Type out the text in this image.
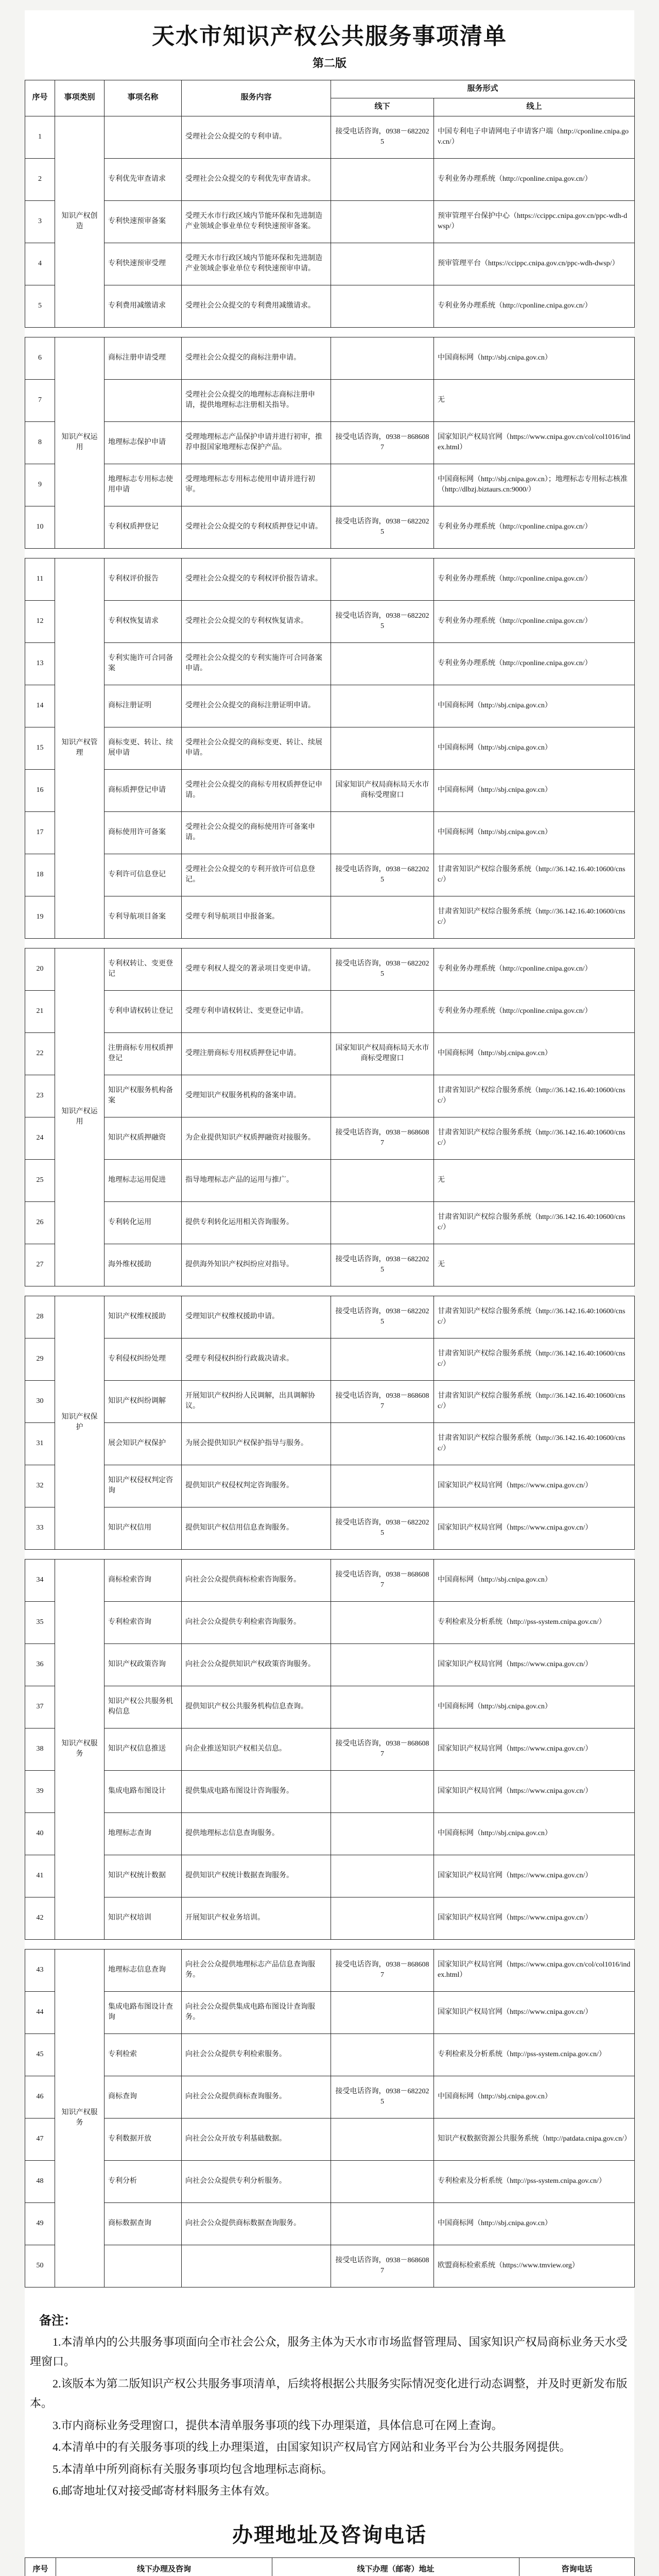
天水市知识产权公共服务事项清单
第二版
序号	事项类别	事项名称	服务内容	服务形式	
				线下	线上
1	知识产权创造		受理社会公众提交的专利申请。	接受电话咨询，0938－6822025	中国专利电子申请网电子申请客户端（http://cponline.cnipa.gov.cn/）
2		专利优先审查请求	受理社会公众提交的专利优先审查请求。		专利业务办理系统（http://cponline.cnipa.gov.cn/）
3		专利快速预审备案	受理天水市行政区域内节能环保和先进制造产业领域企事业单位专利快速预审备案。		预审管理平台保护中心（https://ccippc.cnipa.gov.cn/ppc-wdh-dwsp/）
4		专利快速预审受理	受理天水市行政区域内节能环保和先进制造产业领域企事业单位专利快速预审申请。		预审管理平台（https://ccippc.cnipa.gov.cn/ppc-wdh-dwsp/）
5		专利费用减缴请求	受理社会公众提交的专利费用减缴请求。		专利业务办理系统（http://cponline.cnipa.gov.cn/）
6	知识产权运用	商标注册申请受理	受理社会公众提交的商标注册申请。		中国商标网（http://sbj.cnipa.gov.cn）
7			受理社会公众提交的地理标志商标注册申请，提供地理标志注册相关指导。		无
8		地理标志保护申请	受理地理标志产品保护申请并进行初审，推荐申报国家地理标志保护产品。	接受电话咨询，0938－8686087	国家知识产权局官网（https://www.cnipa.gov.cn/col/col1016/index.html）
9		地理标志专用标志使用申请	受理地理标志专用标志使用申请并进行初审。		中国商标网（http://sbj.cnipa.gov.cn）；地理标志专用标志核准（http://dlbzj.biztaurs.cn:9000/）
10		专利权质押登记	受理社会公众提交的专利权质押登记申请。	接受电话咨询，0938－6822025	专利业务办理系统（http://cponline.cnipa.gov.cn/）
11	知识产权管理	专利权评价报告	受理社会公众提交的专利权评价报告请求。		专利业务办理系统（http://cponline.cnipa.gov.cn/）
12		专利权恢复请求	受理社会公众提交的专利权恢复请求。	接受电话咨询，0938－6822025	专利业务办理系统（http://cponline.cnipa.gov.cn/）
13		专利实施许可合同备案	受理社会公众提交的专利实施许可合同备案申请。		专利业务办理系统（http://cponline.cnipa.gov.cn/）
14		商标注册证明	受理社会公众提交的商标注册证明申请。		中国商标网（http://sbj.cnipa.gov.cn）
15		商标变更、转让、续展申请	受理社会公众提交的商标变更、转让、续展申请。		中国商标网（http://sbj.cnipa.gov.cn）
16		商标质押登记申请	受理社会公众提交的商标专用权质押登记申请。	国家知识产权局商标局天水市商标受理窗口	中国商标网（http://sbj.cnipa.gov.cn）
17		商标使用许可备案	受理社会公众提交的商标使用许可备案申请。		中国商标网（http://sbj.cnipa.gov.cn）
18		专利许可信息登记	受理社会公众提交的专利开放许可信息登记。	接受电话咨询，0938－6822025	甘肃省知识产权综合服务系统（http://36.142.16.40:10600/cnsc/）
19		专利导航项目备案	受理专利导航项目申报备案。		甘肃省知识产权综合服务系统（http://36.142.16.40:10600/cnsc/）
20	知识产权运用	专利权转让、变更登记	受理专利权人提交的著录项目变更申请。	接受电话咨询，0938－6822025	专利业务办理系统（http://cponline.cnipa.gov.cn/）
21		专利申请权转让登记	受理专利申请权转让、变更登记申请。		专利业务办理系统（http://cponline.cnipa.gov.cn/）
22		注册商标专用权质押登记	受理注册商标专用权质押登记申请。	国家知识产权局商标局天水市商标受理窗口	中国商标网（http://sbj.cnipa.gov.cn）
23		知识产权服务机构备案	受理知识产权服务机构的备案申请。		甘肃省知识产权综合服务系统（http://36.142.16.40:10600/cnsc/）
24		知识产权质押融资	为企业提供知识产权质押融资对接服务。	接受电话咨询，0938－8686087	甘肃省知识产权综合服务系统（http://36.142.16.40:10600/cnsc/）
25		地理标志运用促进	指导地理标志产品的运用与推广。		无
26		专利转化运用	提供专利转化运用相关咨询服务。		甘肃省知识产权综合服务系统（http://36.142.16.40:10600/cnsc/）
27		海外维权援助	提供海外知识产权纠纷应对指导。	接受电话咨询，0938－6822025	无
28	知识产权保护	知识产权维权援助	受理知识产权维权援助申请。	接受电话咨询，0938－6822025	甘肃省知识产权综合服务系统（http://36.142.16.40:10600/cnsc/）
29		专利侵权纠纷处理	受理专利侵权纠纷行政裁决请求。		甘肃省知识产权综合服务系统（http://36.142.16.40:10600/cnsc/）
30		知识产权纠纷调解	开展知识产权纠纷人民调解，出具调解协议。	接受电话咨询，0938－8686087	甘肃省知识产权综合服务系统（http://36.142.16.40:10600/cnsc/）
31		展会知识产权保护	为展会提供知识产权保护指导与服务。		甘肃省知识产权综合服务系统（http://36.142.16.40:10600/cnsc/）
32		知识产权侵权判定咨询	提供知识产权侵权判定咨询服务。		国家知识产权局官网（https://www.cnipa.gov.cn/）
33		知识产权信用	提供知识产权信用信息查询服务。	接受电话咨询，0938－6822025	国家知识产权局官网（https://www.cnipa.gov.cn/）
34	知识产权服务	商标检索咨询	向社会公众提供商标检索咨询服务。	接受电话咨询，0938－8686087	中国商标网（http://sbj.cnipa.gov.cn）
35		专利检索咨询	向社会公众提供专利检索咨询服务。		专利检索及分析系统（http://pss-system.cnipa.gov.cn/）
36		知识产权政策咨询	向社会公众提供知识产权政策咨询服务。		国家知识产权局官网（https://www.cnipa.gov.cn/）
37		知识产权公共服务机构信息	提供知识产权公共服务机构信息查询。		中国商标网（http://sbj.cnipa.gov.cn）
38		知识产权信息推送	向企业推送知识产权相关信息。	接受电话咨询，0938－8686087	国家知识产权局官网（https://www.cnipa.gov.cn/）
39		集成电路布图设计	提供集成电路布图设计咨询服务。		国家知识产权局官网（https://www.cnipa.gov.cn/）
40		地理标志查询	提供地理标志信息查询服务。		中国商标网（http://sbj.cnipa.gov.cn）
41		知识产权统计数据	提供知识产权统计数据查询服务。		国家知识产权局官网（https://www.cnipa.gov.cn/）
42		知识产权培训	开展知识产权业务培训。		国家知识产权局官网（https://www.cnipa.gov.cn/）
43	知识产权服务	地理标志信息查询	向社会公众提供地理标志产品信息查询服务。	接受电话咨询，0938－8686087	国家知识产权局官网（https://www.cnipa.gov.cn/col/col1016/index.html）
44		集成电路布图设计查询	向社会公众提供集成电路布图设计查询服务。		国家知识产权局官网（https://www.cnipa.gov.cn/）
45		专利检索	向社会公众提供专利检索服务。		专利检索及分析系统（http://pss-system.cnipa.gov.cn/）
46		商标查询	向社会公众提供商标查询服务。	接受电话咨询，0938－6822025	中国商标网（http://sbj.cnipa.gov.cn）
47		专利数据开放	向社会公众开放专利基础数据。		知识产权数据资源公共服务系统（http://patdata.cnipa.gov.cn/）
48		专利分析	向社会公众提供专利分析服务。		专利检索及分析系统（http://pss-system.cnipa.gov.cn/）
49		商标数据查询	向社会公众提供商标数据查询服务。		中国商标网（http://sbj.cnipa.gov.cn）
50				接受电话咨询，0938－8686087	欧盟商标检索系统（https://www.tmview.org）
备注：

1.本清单内的公共服务事项面向全市社会公众，服务主体为天水市市场监督管理局、国家知识产权局商标业务天水受理窗口。

2.该版本为第二版知识产权公共服务事项清单，后续将根据公共服务实际情况变化进行动态调整，并及时更新发布版本。

3.市内商标业务受理窗口，提供本清单服务事项的线下办理渠道，具体信息可在网上查询。

4.本清单中的有关服务事项的线上办理渠道，由国家知识产权局官方网站和业务平台为公共服务网提供。

5.本清单中所列商标有关服务事项均包含地理标志商标。

6.邮寄地址仅对接受邮寄材料服务主体有效。

办理地址及咨询电话
序号	线下办理及咨询	线下办理（邮寄）地址	咨询电话
